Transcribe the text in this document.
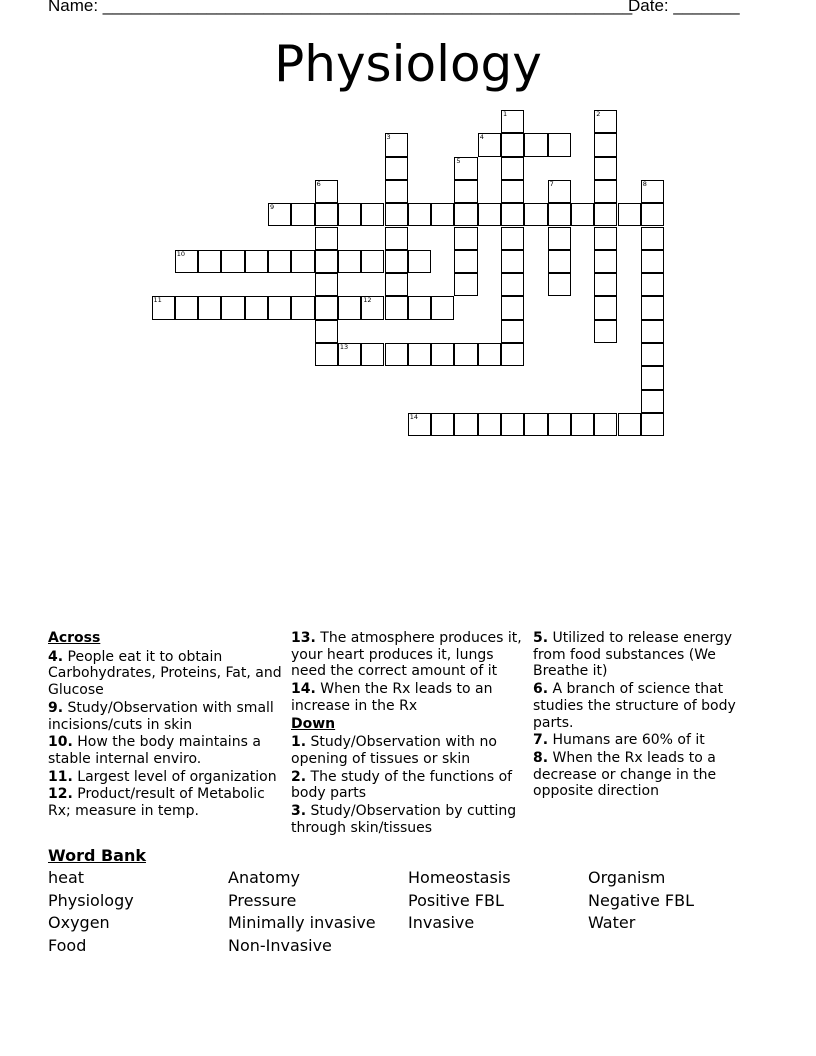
Name: ________________________________________________________
Date: _______
Physiology
1	2
3	4
5
6	7	8
9
10
11	12
13
14
Across
4. People eat it to obtain Carbohydrates, Proteins, Fat, and Glucose
9. Study/Observation with small incisions/cuts in skin
10. How the body maintains a stable internal enviro.
11. Largest level of organization
12. Product/result of Metabolic Rx; measure in temp.
13. The atmosphere produces it, your heart produces it, lungs need the correct amount of it
14. When the Rx leads to an increase in the Rx
Down
1. Study/Observation with no opening of tissues or skin
2. The study of the functions of body parts
3. Study/Observation by cutting through skin/tissues
5. Utilized to release energy from food substances (We Breathe it)
6. A branch of science that studies the structure of body parts.
7. Humans are 60% of it
8. When the Rx leads to a decrease or change in the opposite direction
Word Bank
heat	Anatomy	Homeostasis	Organism
Physiology	Pressure	Positive FBL	Negative FBL
Oxygen	Minimally invasive	Invasive	Water
Food	Non-Invasive
